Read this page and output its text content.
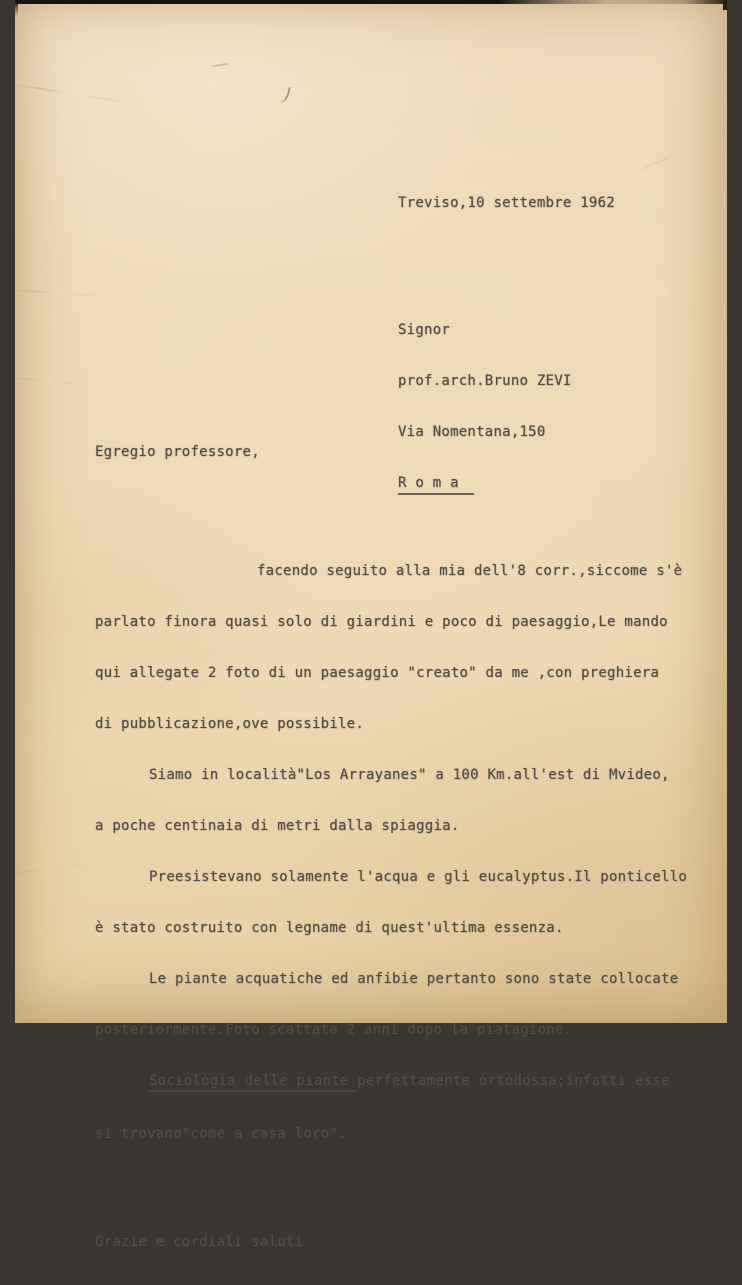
Treviso,10 settembre 1962

Signor

prof.arch.Bruno ZEVI

Via Nomentana,150

R o m a

Egregio professore,

facendo seguito alla mia dell'8 corr.,siccome s'è

parlato finora quasi solo di giardini e poco di paesaggio,Le mando

qui allegate 2 foto di un paesaggio "creato" da me ,con preghiera

di pubblicazione,ove possibile.

Siamo in località"Los Arrayanes" a 100 Km.all'est di Mvideo,

a poche centinaia di metri dalla spiaggia.

Preesistevano solamente l'acqua e gli eucalyptus.Il ponticello

è stato costruito con legname di quest'ultima essenza.

Le piante acquatiche ed anfibie pertanto sono state collocate

posteriormente.Foto scattata 2 anni dopo la piatagione.

Sociologia delle piante perfettamente ortodossa;infatti esse

si trovano"come a casa loro".

Grazie e cordiali saluti
